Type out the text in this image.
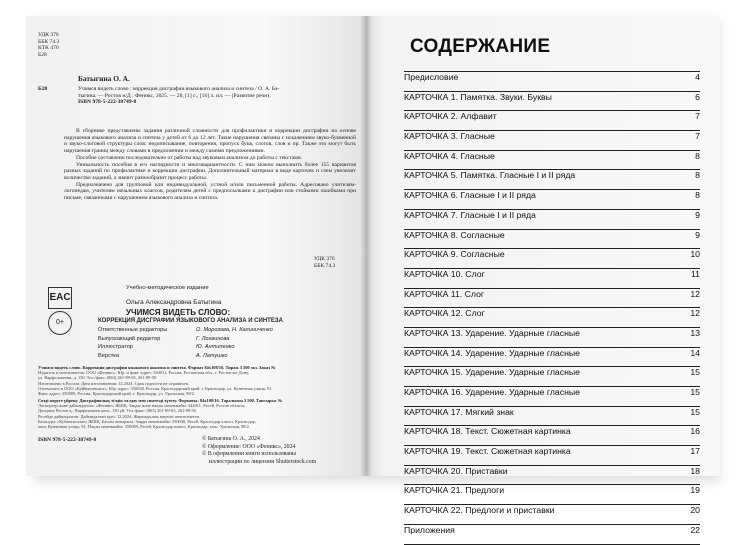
УДК 376
ББК 74.3
КТК 470
Б28
Батыгина О. А.
Б28	Учимся видеть слово : коррекция дисграфии языкового анализа и синтеза / О. А. Ба-
тыгина. — Ростов н/Д : Феникс, 2025. — 28, [1] с., [16] л. ил. — (Развитие речи).
ISBN 978-5-222-38749-8
В сборнике представлены задания различной сложности для профилактики и коррекции дисграфии на основе нарушения языкового анализа и синтеза у детей от 6 до 12 лет. Такие нарушения связаны с искажением звуко-буквенной и звуко-слоговой структуры слов: недописывание, повторения, пропуск букв, слогов, слов и пр. Также это могут быть нарушения границ между словами в предложении и между самими предложениями.
Пособие составлено последовательно от работы над звуковым анализом до работы с текстами.
Уникальность пособия в его наглядности и многовариантности. С ним можно выполнить более 155 вариантов разных заданий по профилактике и коррекции дисграфии. Дополнительный материал в виде карточек и схем увеличит количество заданий, а значит разнообразит процесс работы.
Предназначено для групповой или индивидуальной, устной и/или письменной работы. Адресовано учителям-логопедам, учителям начальных классов, родителям детей с предпосылками к дисграфии или стойкими ошибками при письме, связанными с нарушением языкового анализа и синтеза.
УДК 376
ББК 74.3
Учебно-методическое издание
EAC
0+
Ольга Александровна Батыгина
УЧИМСЯ ВИДЕТЬ СЛОВО:
КОРРЕКЦИЯ ДИСГРАФИИ ЯЗЫКОВОГО АНАЛИЗА И СИНТЕЗА
Ответственные редакторы	О. Морозова, Н. Калиниченко
Выпускающий редактор	Г. Логвинова
Иллюстратор	Ю. Антипенко
Верстка	А. Латушко
Учимся видеть слово. Коррекция дисграфии языкового анализа и синтеза. Формат 84x108/16. Тираж 3 500 экз. Заказ №
Издатель и изготовитель: ООО «Феникс». Юр. и факт. адрес: 344011, Россия, Ростовская обл., г. Ростов-на-Дону,
ул. Варфоломеева, д. 150. Тел./факс: (863) 261-89-65, 261-89-50.
Изготовлено в России. Дата изготовления: 12.2024. Срок годности не ограничен.
Отпечатано в ООО «Куйбышевское». Юр. адрес: 350038, Россия, Краснодарский край, г. Краснодар, ул. Кузнечная улица, 91.
Факт. адрес: 350089, Россия, Краснодарский край, г. Краснодар, ул. Уральская, 98/2.
Сөздi көруге үйрену. Дисграфиялық тілдік талдау мен синтездi түзету. Форматы: 84x108/16. Таралымы 3 500. Тапсырыс №
Экспортер және дайындаушы: «Феникс» ЖШҚ. Заңды және нақты мекенжайы: 344011, Ресей, Ростов облысы,
Дондағы Ростов қ., Варфоломеев көш., 150 үй. Тел./факс: (863) 261-89-65, 261-89-50.
Ресейде дайындалған. Дайындалған күні: 12.2024. Жарамдылық мерзімі шектелмеген.
Басылды: «Кубанкиталат» ЖШҚ. Басым шекарасы. Заңды мекенжайы: 350038, Ресей, Краснодар өлкесі, Краснодар,
көш. Кузнечная улица, 91. Нақты мекенжайы: 350089, Ресей, Краснодар өлкесі, Краснодар, көш. Уральская, 98/2.
ISBN 978-5-222-38749-8	© Батыгина О. А., 2024
© Оформление: ООО «Феникс», 2024
© В оформлении книги использованы
иллюстрации по лицензии Shutterstock.com
СОДЕРЖАНИЕ
Предисловие	4
КАРТОЧКА 1. Памятка. Звуки. Буквы	6
КАРТОЧКА 2. Алфавит	7
КАРТОЧКА 3. Гласные	7
КАРТОЧКА 4. Гласные	8
КАРТОЧКА 5. Памятка. Гласные I и II ряда	8
КАРТОЧКА 6. Гласные I и II ряда	8
КАРТОЧКА 7. Гласные I и II ряда	9
КАРТОЧКА 8. Согласные	9
КАРТОЧКА 9. Согласные	10
КАРТОЧКА 10. Слог	11
КАРТОЧКА 11. Слог	12
КАРТОЧКА 12. Слог	12
КАРТОЧКА 13. Ударение. Ударные гласные	13
КАРТОЧКА 14. Ударение. Ударные гласные	14
КАРТОЧКА 15. Ударение. Ударные гласные	15
КАРТОЧКА 16. Ударение. Ударные гласные	15
КАРТОЧКА 17. Мягкий знак	15
КАРТОЧКА 18. Текст. Сюжетная картинка	16
КАРТОЧКА 19. Текст. Сюжетная картинка	17
КАРТОЧКА 20. Приставки	18
КАРТОЧКА 21. Предлоги	19
КАРТОЧКА 22. Предлоги и приставки	20
Приложения	22
